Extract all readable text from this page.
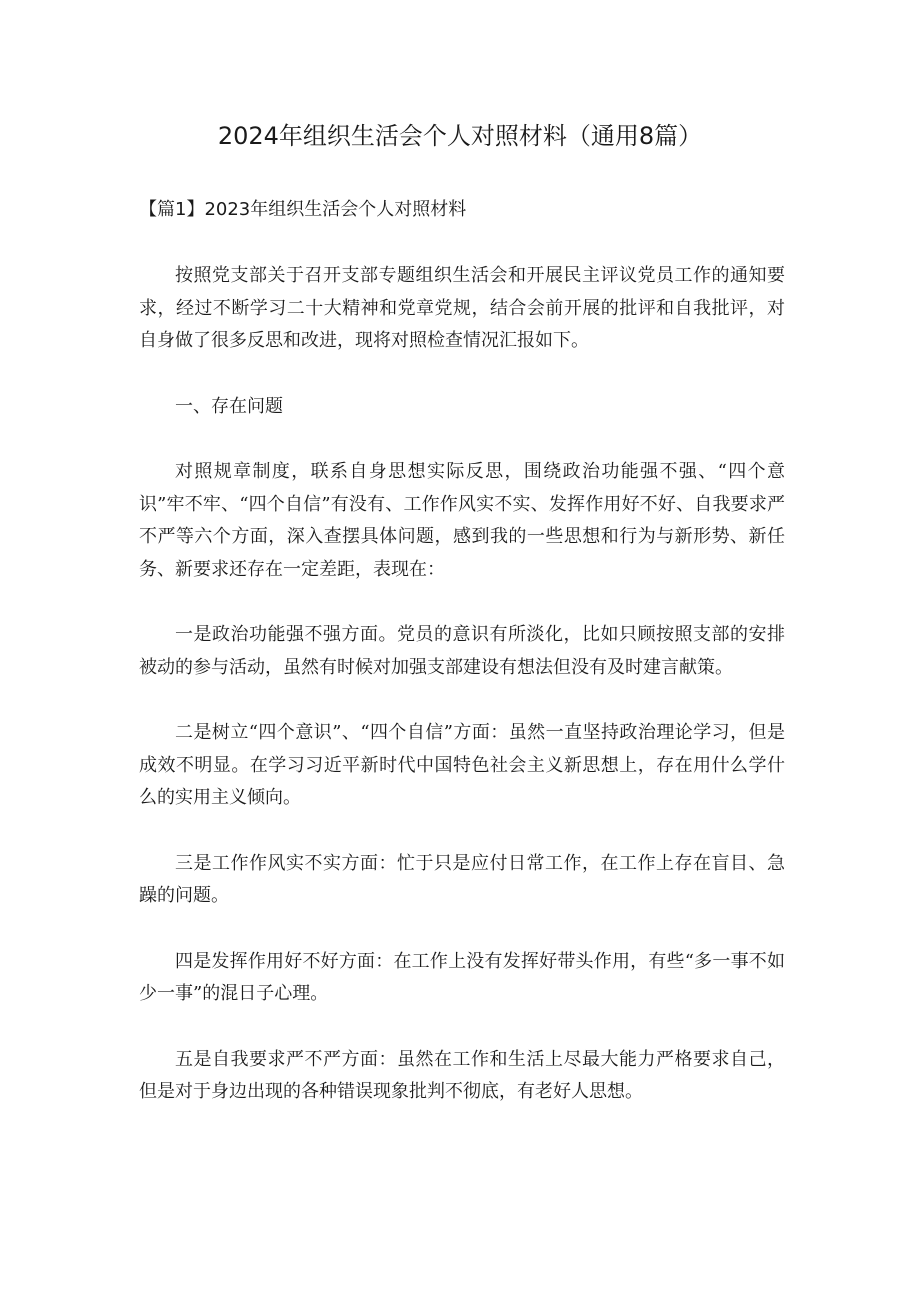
2024年组织生活会个人对照材料（通用8篇）
【篇1】2023年组织生活会个人对照材料

按照党支部关于召开支部专题组织生活会和开展民主评议党员工作的通知要求，经过不断学习二十大精神和党章党规，结合会前开展的批评和自我批评，对自身做了很多反思和改进，现将对照检查情况汇报如下。

一、存在问题

对照规章制度，联系自身思想实际反思，围绕政治功能强不强、“四个意识”牢不牢、“四个自信”有没有、工作作风实不实、发挥作用好不好、自我要求严不严等六个方面，深入查摆具体问题，感到我的一些思想和行为与新形势、新任务、新要求还存在一定差距，表现在：

一是政治功能强不强方面。党员的意识有所淡化，比如只顾按照支部的安排被动的参与活动，虽然有时候对加强支部建设有想法但没有及时建言献策。

二是树立“四个意识”、“四个自信”方面：虽然一直坚持政治理论学习，但是成效不明显。在学习习近平新时代中国特色社会主义新思想上，存在用什么学什么的实用主义倾向。

三是工作作风实不实方面：忙于只是应付日常工作，在工作上存在盲目、急躁的问题。

四是发挥作用好不好方面：在工作上没有发挥好带头作用，有些“多一事不如少一事”的混日子心理。

五是自我要求严不严方面：虽然在工作和生活上尽最大能力严格要求自己，但是对于身边出现的各种错误现象批判不彻底，有老好人思想。
